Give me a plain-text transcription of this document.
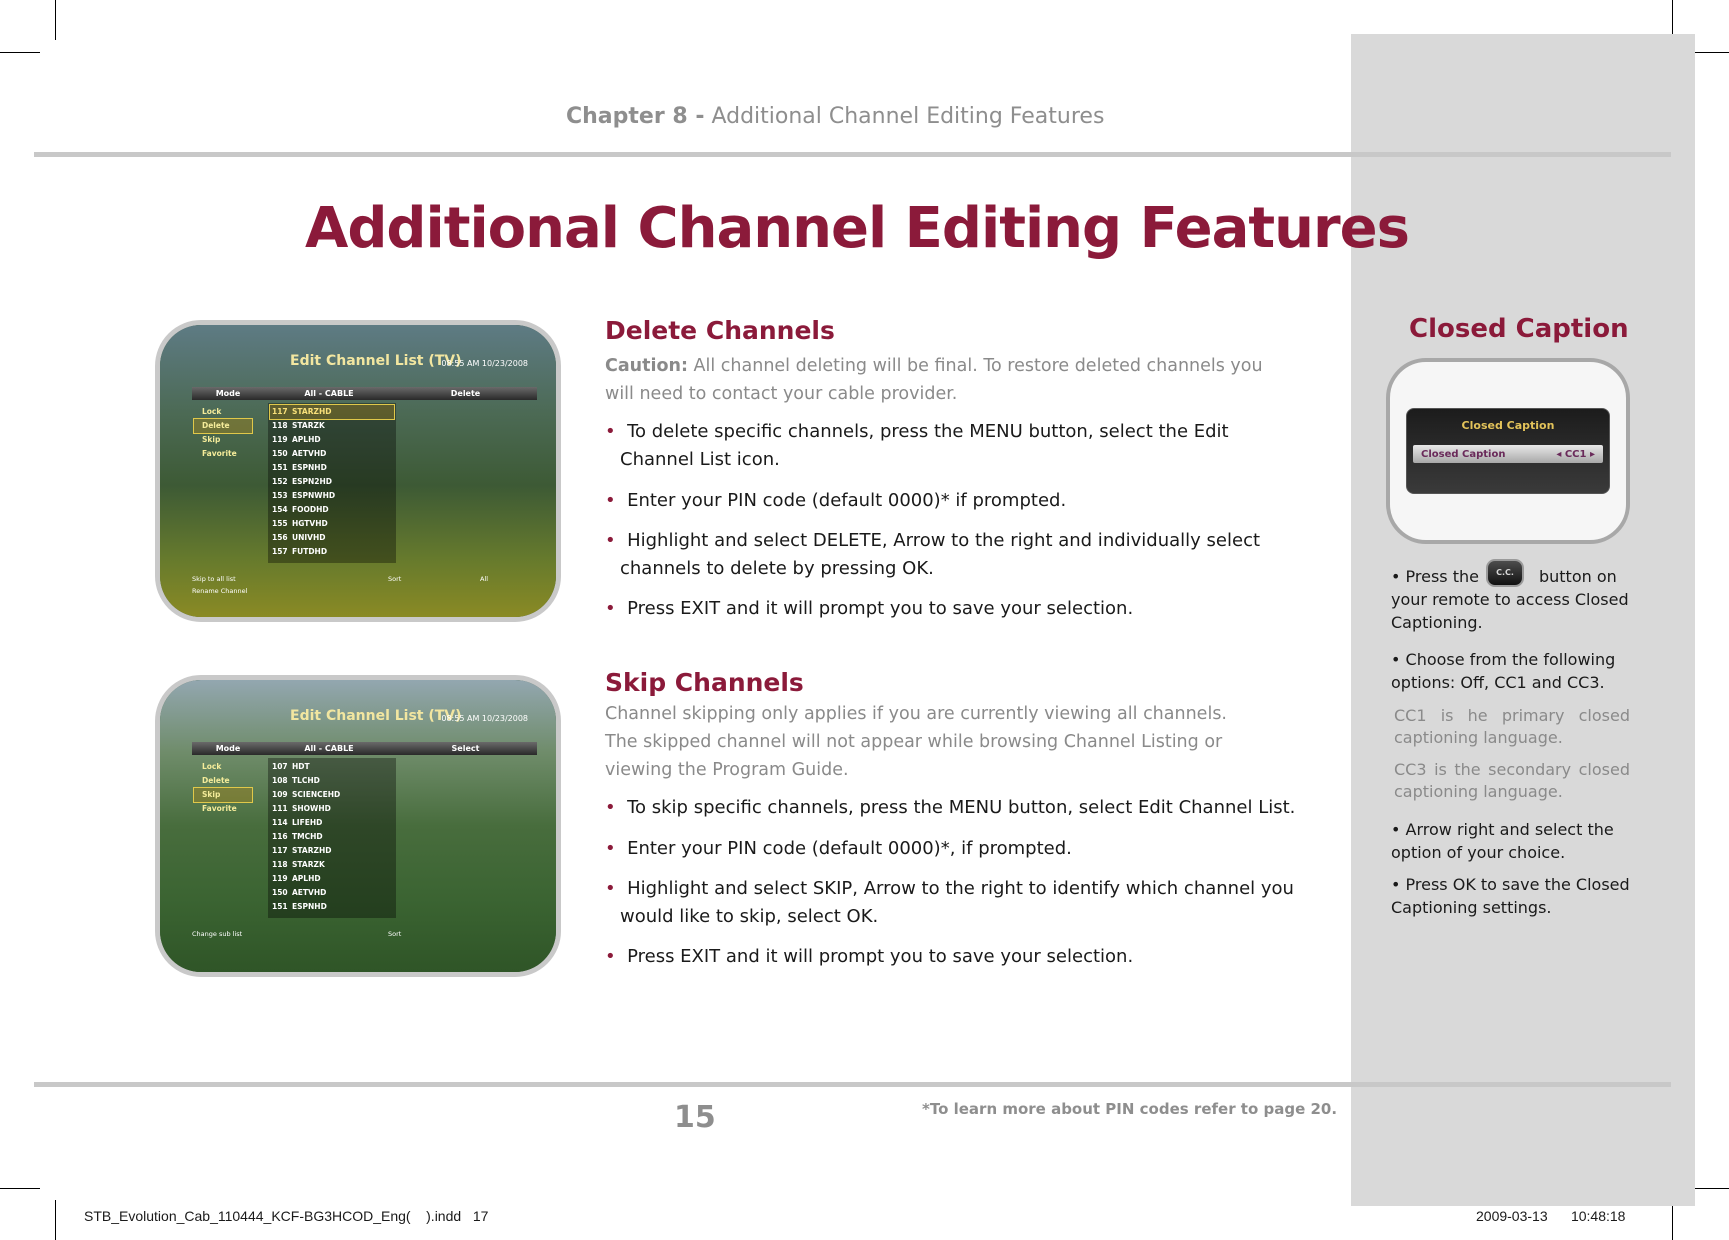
Chapter 8 - Additional Channel Editing Features
Additional Channel Editing Features
Edit Channel List (TV)
08:55 AM 10/23/2008
Mode	All - CABLE	Delete
Lock
Delete
Skip
Favorite
117 STARZHD
118 STARZK
119 APLHD
150 AETVHD
151 ESPNHD
152 ESPN2HD
153 ESPNWHD
154 FOODHD
155 HGTVHD
156 UNIVHD
157 FUTDHD
Skip to all list
Rename Channel
Sort	All
Edit Channel List (TV)
08:55 AM 10/23/2008
Mode	All - CABLE	Select
Lock
Delete
Skip
Favorite
107 HDT
108 TLCHD
109 SCIENCEHD
111 SHOWHD
114 LIFEHD
116 TMCHD
117 STARZHD
118 STARZK
119 APLHD
150 AETVHD
151 ESPNHD
Change sub list	Sort
Delete Channels
Caution: All channel deleting will be final. To restore deleted channels you will need to contact your cable provider.
• To delete specific channels, press the MENU button, select the Edit Channel List icon.
• Enter your PIN code (default 0000)* if prompted.
• Highlight and select DELETE, Arrow to the right and individually select channels to delete by pressing OK.
• Press EXIT and it will prompt you to save your selection.
Skip Channels
Channel skipping only applies if you are currently viewing all channels. The skipped channel will not appear while browsing Channel Listing or viewing the Program Guide.
• To skip specific channels, press the MENU button, select Edit Channel List.
• Enter your PIN code (default 0000)*, if prompted.
• Highlight and select SKIP, Arrow to the right to identify which channel you would like to skip, select OK.
• Press EXIT and it will prompt you to save your selection.
Closed Caption
Closed Caption
Closed Caption	◂ CC1 ▸
• Press the	button on your remote to access Closed Captioning.
C.C.
• Choose from the following options: Off, CC1 and CC3.
CC1 is he primary closed captioning language.
CC3 is the secondary closed captioning language.
• Arrow right and select the option of your choice.
• Press OK to save the Closed Captioning settings.
15	*To learn more about PIN codes refer to page 20.
STB_Evolution_Cab_110444_KCF-BG3HCOD_Eng(    ).indd   17	2009-03-13      10:48:18
